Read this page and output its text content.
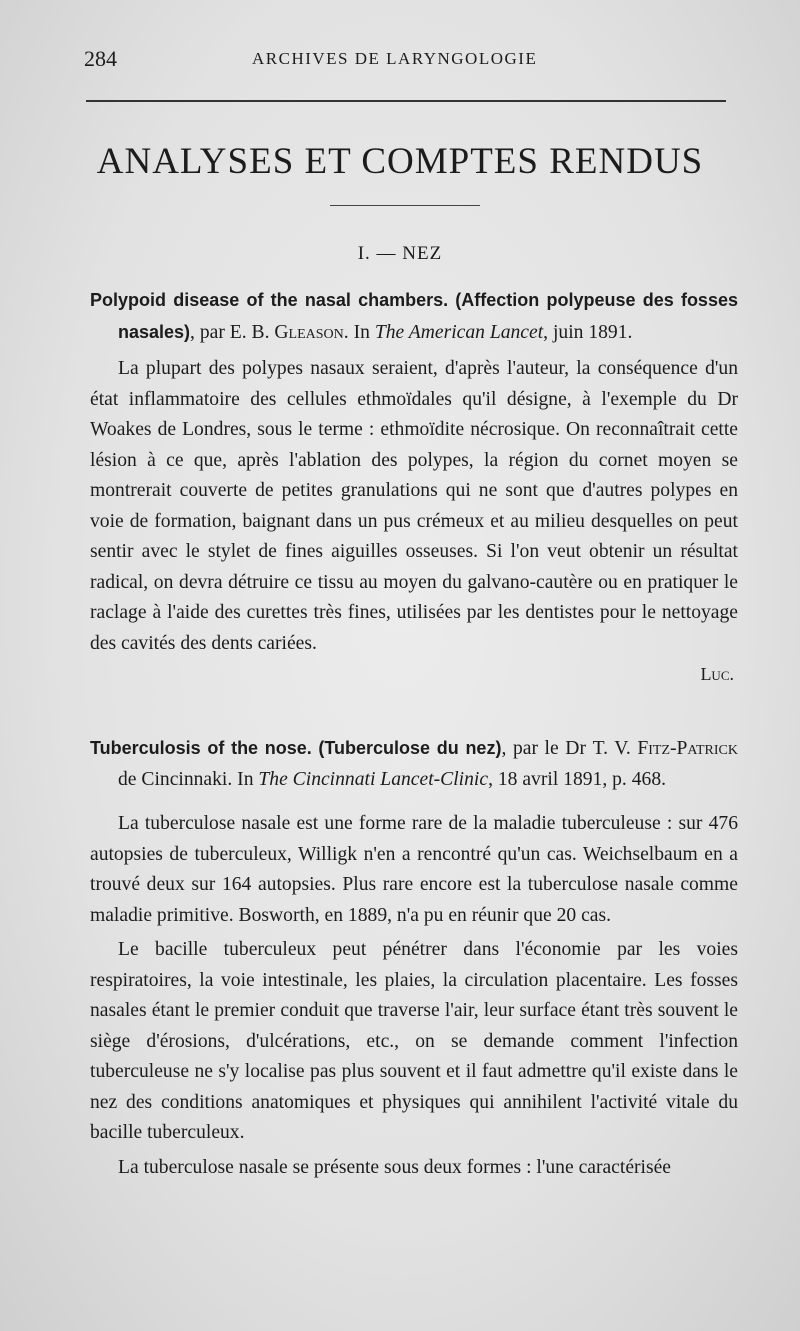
284	ARCHIVES DE LARYNGOLOGIE
ANALYSES ET COMPTES RENDUS
I. — NEZ

Polypoid disease of the nasal chambers. (Affection polypeuse des fosses nasales), par E. B. Gleason. In The American Lancet, juin 1891.

La plupart des polypes nasaux seraient, d'après l'auteur, la conséquence d'un état inflammatoire des cellules ethmoïdales qu'il désigne, à l'exemple du Dr Woakes de Londres, sous le terme : ethmoïdite nécrosique. On reconnaîtrait cette lésion à ce que, après l'ablation des polypes, la région du cornet moyen se montrerait couverte de petites granulations qui ne sont que d'autres polypes en voie de formation, baignant dans un pus crémeux et au milieu desquelles on peut sentir avec le stylet de fines aiguilles osseuses. Si l'on veut obtenir un résultat radical, on devra détruire ce tissu au moyen du galvano-cautère ou en pratiquer le raclage à l'aide des curettes très fines, utilisées par les dentistes pour le nettoyage des cavités des dents cariées.

Luc.

Tuberculosis of the nose. (Tuberculose du nez), par le Dr T. V. Fitz-Patrick de Cincinnaki. In The Cincinnati Lancet-Clinic, 18 avril 1891, p. 468.

La tuberculose nasale est une forme rare de la maladie tuberculeuse : sur 476 autopsies de tuberculeux, Willigk n'en a rencontré qu'un cas. Weichselbaum en a trouvé deux sur 164 autopsies. Plus rare encore est la tuberculose nasale comme maladie primitive. Bosworth, en 1889, n'a pu en réunir que 20 cas.

Le bacille tuberculeux peut pénétrer dans l'économie par les voies respiratoires, la voie intestinale, les plaies, la circulation placentaire. Les fosses nasales étant le premier conduit que traverse l'air, leur surface étant très souvent le siège d'érosions, d'ulcérations, etc., on se demande comment l'infection tuberculeuse ne s'y localise pas plus souvent et il faut admettre qu'il existe dans le nez des conditions anatomiques et physiques qui annihilent l'activité vitale du bacille tuberculeux.

La tuberculose nasale se présente sous deux formes : l'une caractérisée
